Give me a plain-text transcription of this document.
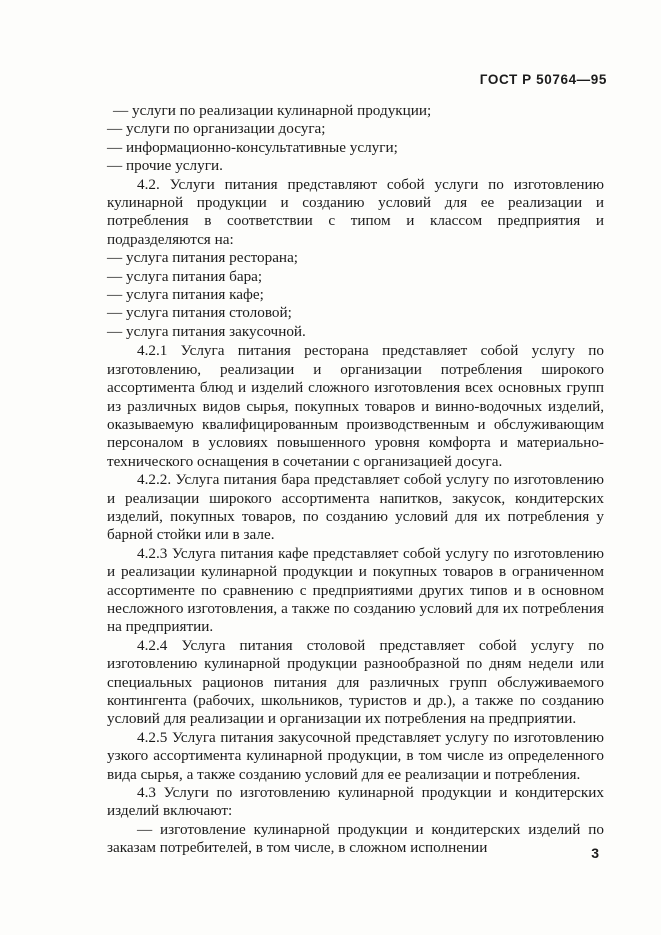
ГОСТ Р 50764—95
— услуги по реализации кулинарной продукции;
— услуги по организации досуга;
— информационно-консультативные услуги;
— прочие услуги.

4.2. Услуги питания представляют собой услуги по изготовлению кулинарной продукции и созданию условий для ее реализации и потребления в соответствии с типом и классом предприятия и подразделяются на:

— услуга питания ресторана;
— услуга питания бара;
— услуга питания кафе;
— услуга питания столовой;
— услуга питания закусочной.

4.2.1 Услуга питания ресторана представляет собой услугу по изготовлению, реализации и организации потребления широкого ассортимента блюд и изделий сложного изготовления всех основных групп из различных видов сырья, покупных товаров и винно-водочных изделий, оказываемую квалифицированным производственным и обслуживающим персоналом в условиях повышенного уровня комфорта и материально-технического оснащения в сочетании с организацией досуга.

4.2.2. Услуга питания бара представляет собой услугу по изготовлению и реализации широкого ассортимента напитков, закусок, кондитерских изделий, покупных товаров, по созданию условий для их потребления у барной стойки или в зале.

4.2.3 Услуга питания кафе представляет собой услугу по изготовлению и реализации кулинарной продукции и покупных товаров в ограниченном ассортименте по сравнению с предприятиями других типов и в основном несложного изготовления, а также по созданию условий для их потребления на предприятии.

4.2.4 Услуга питания столовой представляет собой услугу по изготовлению кулинарной продукции разнообразной по дням недели или специальных рационов питания для различных групп обслуживаемого контингента (рабочих, школьников, туристов и др.), а также по созданию условий для реализации и организации их потребления на предприятии.

4.2.5 Услуга питания закусочной представляет услугу по изготовлению узкого ассортимента кулинарной продукции, в том числе из определенного вида сырья, а также созданию условий для ее реализации и потребления.

4.3 Услуги по изготовлению кулинарной продукции и кондитерских изделий включают:

— изготовление кулинарной продукции и кондитерских изделий по заказам потребителей, в том числе, в сложном исполнении	3
